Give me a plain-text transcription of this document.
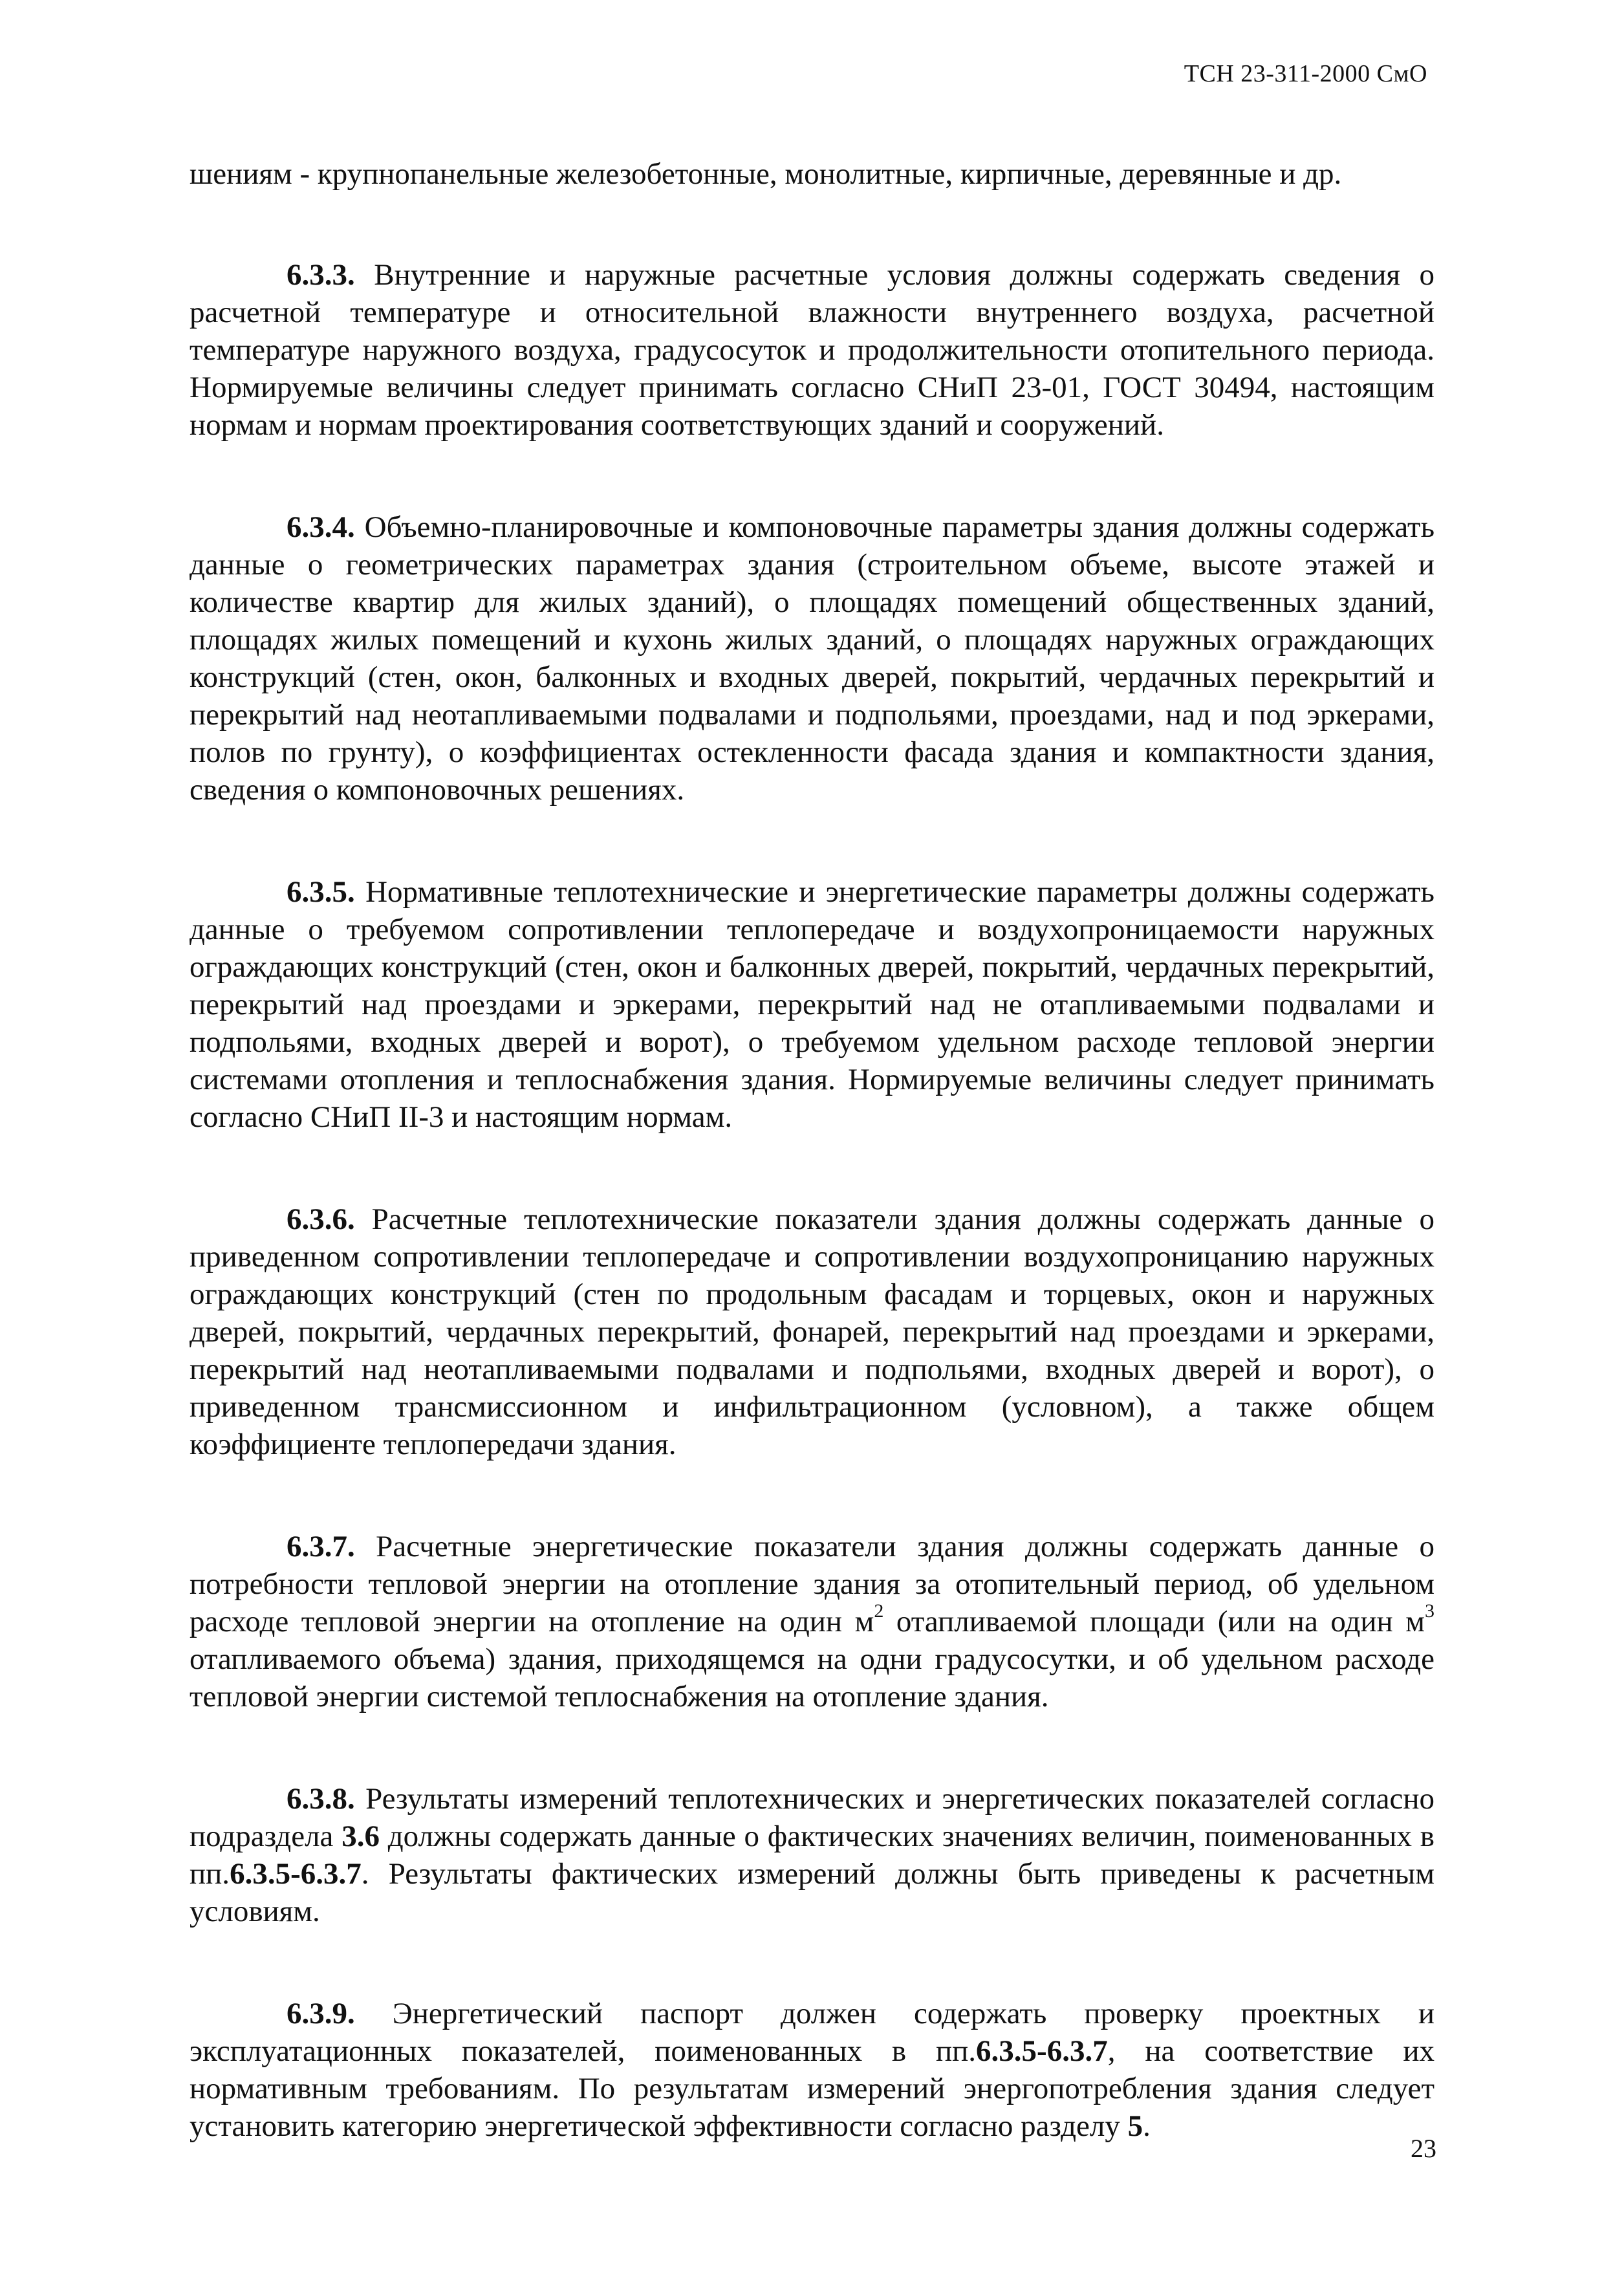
ТСН 23-311-2000 СмО

шениям - крупнопанельные железобетонные, монолитные, кирпичные, деревянные и др.

6.3.3. Внутренние и наружные расчетные условия должны содержать сведения о расчетной температуре и относительной влажности внутреннего воздуха, расчетной температуре наружного воздуха, градусосуток и продолжительности отопительного периода. Нормируемые величины следует принимать согласно СНиП 23-01, ГОСТ 30494, настоящим нормам и нормам проектирования соответствующих зданий и сооружений.

6.3.4. Объемно-планировочные и компоновочные параметры здания должны содержать данные о геометрических параметрах здания (строительном объеме, высоте этажей и количестве квартир для жилых зданий), о площадях помещений общественных зданий, площадях жилых помещений и кухонь жилых зданий, о площадях наружных ограждающих конструкций (стен, окон, балконных и входных дверей, покрытий, чердачных перекрытий и перекрытий над неотапливаемыми подвалами и подпольями, проездами, над и под эркерами, полов по грунту), о коэффициентах остекленности фасада здания и компактности здания, сведения о компоновочных решениях.

6.3.5. Нормативные теплотехнические и энергетические параметры должны содержать данные о требуемом сопротивлении теплопередаче и воздухопроницаемости наружных ограждающих конструкций (стен, окон и балконных дверей, покрытий, чердачных перекрытий, перекрытий над проездами и эркерами, перекрытий над не отапливаемыми подвалами и подпольями, входных дверей и ворот), о требуемом удельном расходе тепловой энергии системами отопления и теплоснабжения здания. Нормируемые величины следует принимать согласно СНиП II-3 и настоящим нормам.

6.3.6. Расчетные теплотехнические показатели здания должны содержать данные о приведенном сопротивлении теплопередаче и сопротивлении воздухопроницанию наружных ограждающих конструкций (стен по продольным фасадам и торцевых, окон и наружных дверей, покрытий, чердачных перекрытий, фонарей, перекрытий над проездами и эркерами, перекрытий над неотапливаемыми подвалами и подпольями, входных дверей и ворот), о приведенном трансмиссионном и инфильтрационном (условном), а также общем коэффициенте теплопередачи здания.

6.3.7. Расчетные энергетические показатели здания должны содержать данные о потребности тепловой энергии на отопление здания за отопительный период, об удельном расходе тепловой энергии на отопление на один $м^2$ отапливаемой площади (или на один $м^3$ отапливаемого объема) здания, приходящемся на одни градусосутки, и об удельном расходе тепловой энергии системой теплоснабжения на отопление здания.

6.3.8. Результаты измерений теплотехнических и энергетических показателей согласно подраздела 3.6 должны содержать данные о фактических значениях величин, поименованных в пп.6.3.5-6.3.7. Результаты фактических измерений должны быть приведены к расчетным условиям.

6.3.9. Энергетический паспорт должен содержать проверку проектных и эксплуатационных показателей, поименованных в пп.6.3.5-6.3.7, на соответствие их нормативным требованиям. По результатам измерений энергопотребления здания следует установить категорию энергетической эффективности согласно разделу 5.

23
